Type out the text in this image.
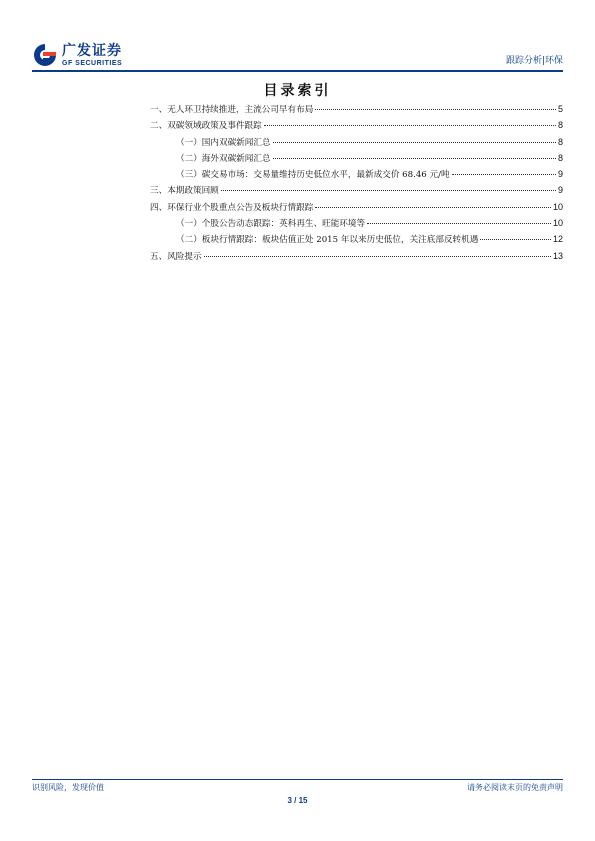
广发证券
GF SECURITIES	跟踪分析|环保
目录索引
一、无人环卫持续推进，主流公司早有布局	5
二、双碳领域政策及事件跟踪	8
（一）国内双碳新闻汇总	8
（二）海外双碳新闻汇总	8
（三）碳交易市场：交易量维持历史低位水平，最新成交价 68.46 元/吨	9
三、本期政策回顾	9
四、环保行业个股重点公告及板块行情跟踪	10
（一）个股公告动态跟踪：英科再生、旺能环境等	10
（二）板块行情跟踪：板块估值正处 2015 年以来历史低位，关注底部反转机遇	12
五、风险提示	13
识别风险，发现价值	请务必阅读末页的免责声明
3 / 15
